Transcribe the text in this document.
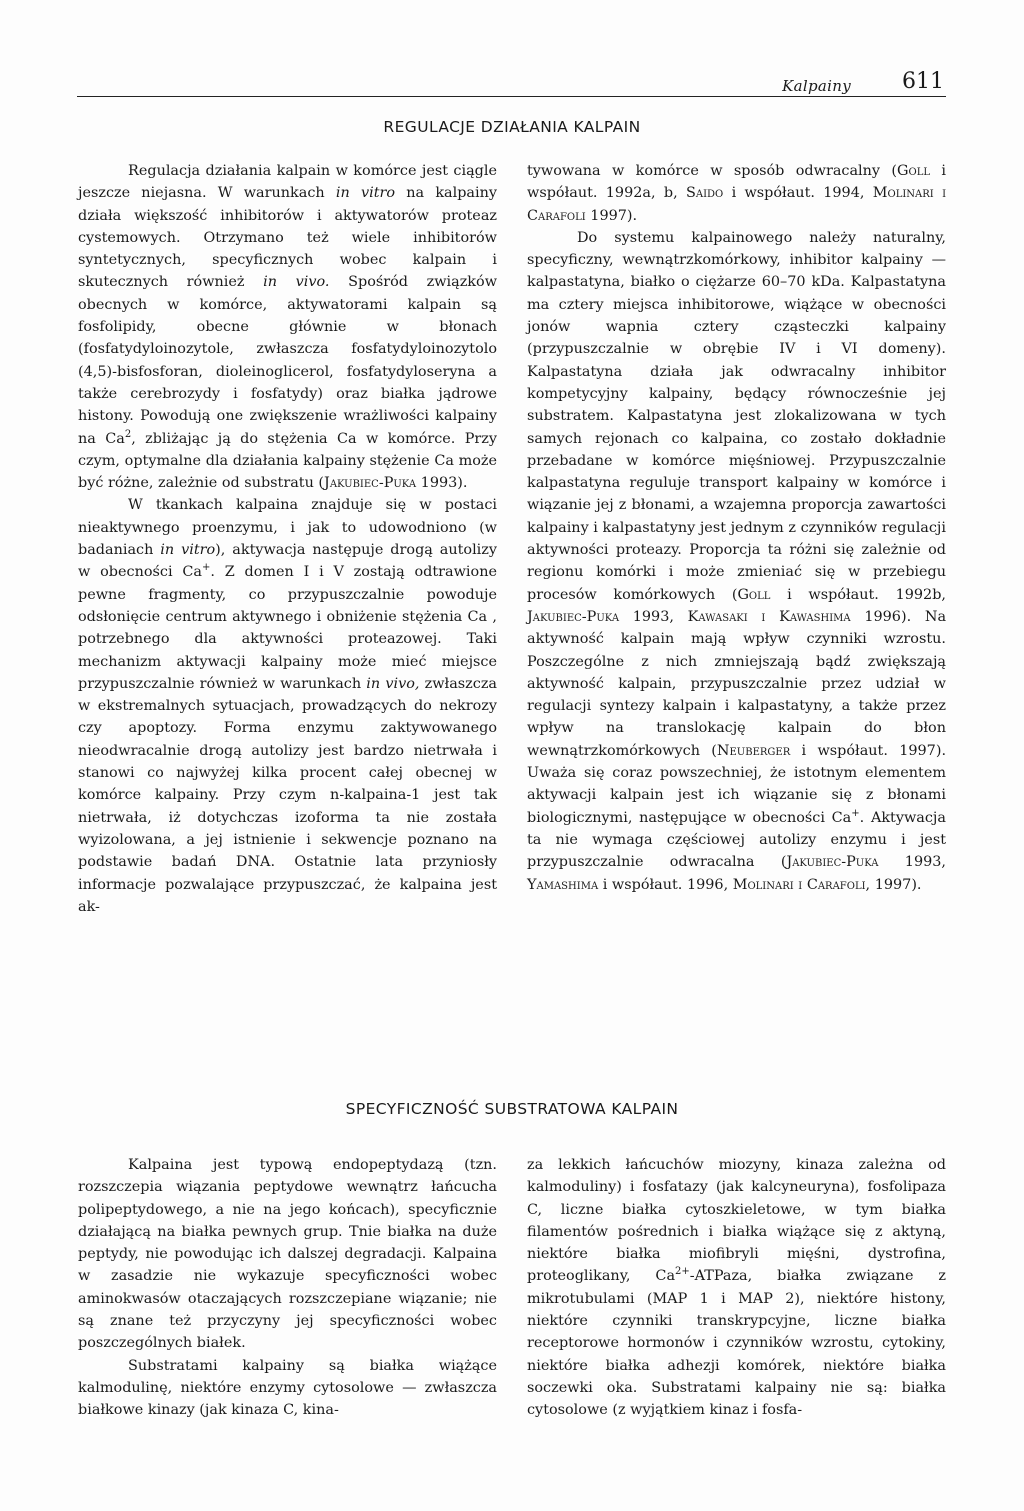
Kalpainy 611
REGULACJE DZIAŁANIA KALPAIN

Regulacja działania kalpain w komórce jest ciągle jeszcze niejasna. W warunkach in vitro na kalpainy działa większość inhibitorów i aktywatorów proteaz cystemowych. Otrzymano też wiele inhibitorów syntetycznych, specyficznych wobec kalpain i skutecznych również in vivo. Spośród związków obecnych w komórce, aktywatorami kalpain są fosfolipidy, obecne głównie w błonach (fosfatydyloinozytole, zwłaszcza fosfatydyloinozytolo (4,5)-bisfosforan, dioleinoglicerol, fosfatydyloseryna a także cerebrozydy i fosfatydy) oraz białka jądrowe histony. Powodują one zwiększenie wrażliwości kalpainy na Ca$^2$, zbliżając ją do stężenia Ca w komórce. Przy czym, optymalne dla działania kalpainy stężenie Ca może być różne, zależnie od substratu (Jakubiec-Puka 1993).

W tkankach kalpaina znajduje się w postaci nieaktywnego proenzymu, i jak to udowodniono (w badaniach in vitro), aktywacja następuje drogą autolizy w obecności Ca+. Z domen I i V zostają odtrawione pewne fragmenty, co przypuszczalnie powoduje odsłonięcie centrum aktywnego i obniżenie stężenia Ca , potrzebnego dla aktywności proteazowej. Taki mechanizm aktywacji kalpainy może mieć miejsce przypuszczalnie również w warunkach in vivo, zwłaszcza w ekstremalnych sytuacjach, prowadzących do nekrozy czy apoptozy. Forma enzymu zaktywowanego nieodwracalnie drogą autolizy jest bardzo nietrwała i stanowi co najwyżej kilka procent całej obecnej w komórce kalpainy. Przy czym n-kalpaina-1 jest tak nietrwała, iż dotychczas izoforma ta nie została wyizolowana, a jej istnienie i sekwencje poznano na podstawie badań DNA. Ostatnie lata przyniosły informacje pozwalające przypuszczać, że kalpaina jest ak-

tywowana w komórce w sposób odwracalny (Goll i współaut. 1992a, b, Saido i współaut. 1994, Molinari i Carafoli 1997).

Do systemu kalpainowego należy naturalny, specyficzny, wewnątrzkomórkowy, inhibitor kalpainy — kalpastatyna, białko o ciężarze 60–70 kDa. Kalpastatyna ma cztery miejsca inhibitorowe, wiążące w obecności jonów wapnia cztery cząsteczki kalpainy (przypuszczalnie w obrębie IV i VI domeny). Kalpastatyna działa jak odwracalny inhibitor kompetycyjny kalpainy, będący równocześnie jej substratem. Kalpastatyna jest zlokalizowana w tych samych rejonach co kalpaina, co zostało dokładnie przebadane w komórce mięśniowej. Przypuszczalnie kalpastatyna reguluje transport kalpainy w komórce i wiązanie jej z błonami, a wzajemna proporcja zawartości kalpainy i kalpastatyny jest jednym z czynników regulacji aktywności proteazy. Proporcja ta różni się zależnie od regionu komórki i może zmieniać się w przebiegu procesów komórkowych (Goll i współaut. 1992b, Jakubiec-Puka 1993, Kawasaki i Kawashima 1996). Na aktywność kalpain mają wpływ czynniki wzrostu. Poszczególne z nich zmniejszają bądź zwiększają aktywność kalpain, przypuszczalnie przez udział w regulacji syntezy kalpain i kalpastatyny, a także przez wpływ na translokację kalpain do błon wewnątrzkomórkowych (Neuberger i współaut. 1997). Uważa się coraz powszechniej, że istotnym elementem aktywacji kalpain jest ich wiązanie się z błonami biologicznymi, następujące w obecności Ca+. Aktywacja ta nie wymaga częściowej autolizy enzymu i jest przypuszczalnie odwracalna (Jakubiec-Puka 1993, Yamashima i współaut. 1996, Molinari i Carafoli, 1997).

SPECYFICZNOŚĆ SUBSTRATOWA KALPAIN

Kalpaina jest typową endopeptydazą (tzn. rozszczepia wiązania peptydowe wewnątrz łańcucha polipeptydowego, a nie na jego końcach), specyficznie działającą na białka pewnych grup. Tnie białka na duże peptydy, nie powodując ich dalszej degradacji. Kalpaina w zasadzie nie wykazuje specyficzności wobec aminokwasów otaczających rozszczepiane wiązanie; nie są znane też przyczyny jej specyficzności wobec poszczególnych białek.

Substratami kalpainy są białka wiążące kalmodulinę, niektóre enzymy cytosolowe — zwłaszcza białkowe kinazy (jak kinaza C, kina-

za lekkich łańcuchów miozyny, kinaza zależna od kalmoduliny) i fosfatazy (jak kalcyneuryna), fosfolipaza C, liczne białka cytoszkieletowe, w tym białka filamentów pośrednich i białka wiążące się z aktyną, niektóre białka miofibryli mięśni, dystrofina, proteoglikany, $Ca^{2+}$-ATPaza, białka związane z mikrotubulami (MAP 1 i MAP 2), niektóre histony, niektóre czynniki transkrypcyjne, liczne białka receptorowe hormonów i czynników wzrostu, cytokiny, niektóre białka adhezji komórek, niektóre białka soczewki oka. Substratami kalpainy nie są: białka cytosolowe (z wyjątkiem kinaz i fosfa-
